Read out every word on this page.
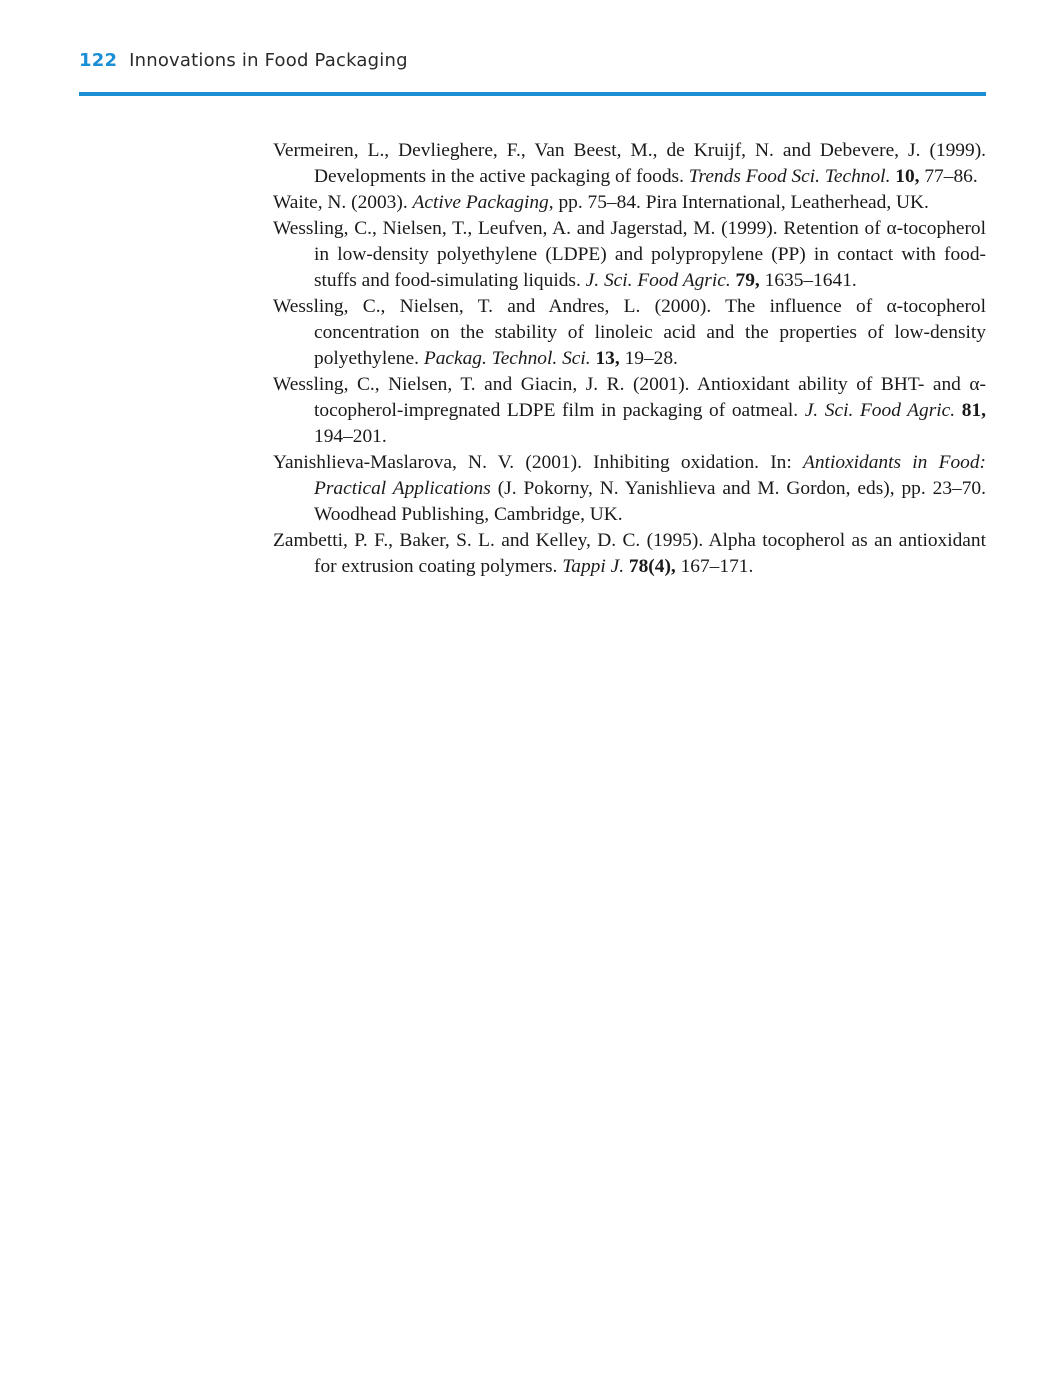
122 Innovations in Food Packaging

Vermeiren, L., Devlieghere, F., Van Beest, M., de Kruijf, N. and Debevere, J. (1999). Developments in the active packaging of foods. Trends Food Sci. Technol. 10, 77–86.

Waite, N. (2003). Active Packaging, pp. 75–84. Pira International, Leatherhead, UK.

Wessling, C., Nielsen, T., Leufven, A. and Jagerstad, M. (1999). Retention of α-tocopherol in low-density polyethylene (LDPE) and polypropylene (PP) in contact with food-stuffs and food-simulating liquids. J. Sci. Food Agric. 79, 1635–1641.

Wessling, C., Nielsen, T. and Andres, L. (2000). The influence of α-tocopherol concentration on the stability of linoleic acid and the properties of low-density polyethylene. Packag. Technol. Sci. 13, 19–28.

Wessling, C., Nielsen, T. and Giacin, J. R. (2001). Antioxidant ability of BHT- and α-tocopherol-impregnated LDPE film in packaging of oatmeal. J. Sci. Food Agric. 81, 194–201.

Yanishlieva-Maslarova, N. V. (2001). Inhibiting oxidation. In: Antioxidants in Food: Practical Applications (J. Pokorny, N. Yanishlieva and M. Gordon, eds), pp. 23–70. Woodhead Publishing, Cambridge, UK.

Zambetti, P. F., Baker, S. L. and Kelley, D. C. (1995). Alpha tocopherol as an antioxidant for extrusion coating polymers. Tappi J. 78(4), 167–171.
